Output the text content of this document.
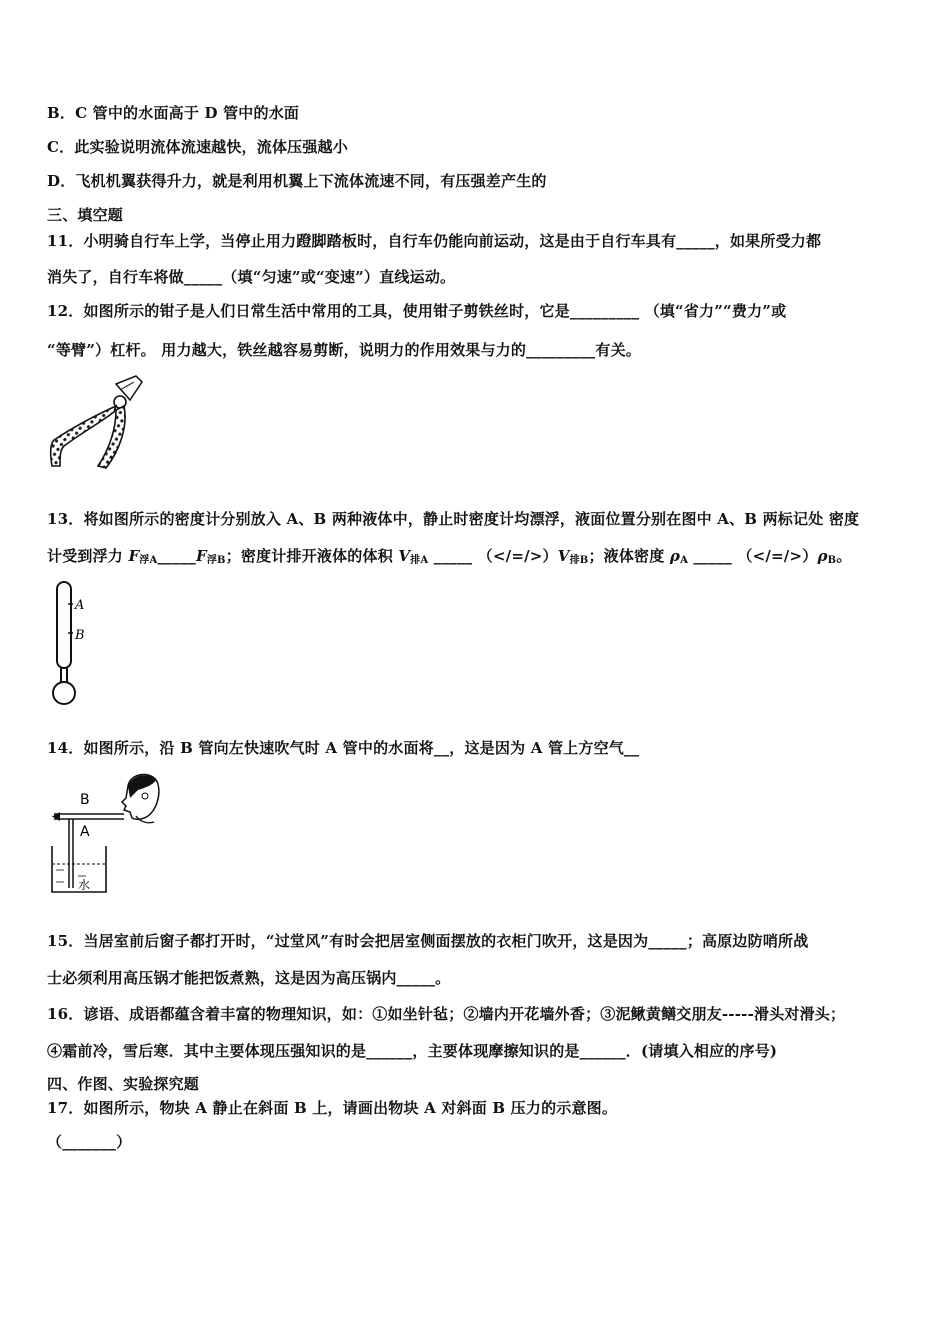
B．C 管中的水面高于 D 管中的水面
C．此实验说明流体流速越快，流体压强越小
D．飞机机翼获得升力，就是利用机翼上下流体流速不同，有压强差产生的
三、填空题
11．小明骑自行车上学，当停止用力蹬脚踏板时，自行车仍能向前运动，这是由于自行车具有_____，如果所受力都
消失了，自行车将做_____（填“匀速”或“变速”）直线运动。
12．如图所示的钳子是人们日常生活中常用的工具，使用钳子剪铁丝时，它是_________ （填“省力”“费力”或
“等臂”）杠杆。 用力越大，铁丝越容易剪断，说明力的作用效果与力的_________有关。
13．将如图所示的密度计分别放入 A、B 两种液体中，静止时密度计均漂浮，液面位置分别在图中 A、B 两标记处 密度
计受到浮力 $F_{浮A}\_\_\_\_\_F_{浮B}$；密度计排开液体的体积 $V_{排A}$ _____ $(</=/>)V_{排B}$；液体密度 $\rho_A$ _____ $(</=/>)\rho_B$。
A
B
14．如图所示，沿 B 管向左快速吹气时 A 管中的水面将__，这是因为 A 管上方空气__
B
A
水
15．当居室前后窗子都打开时，“过堂风”有时会把居室侧面摆放的衣柜门吹开，这是因为_____；高原边防哨所战
士必须利用高压锅才能把饭煮熟，这是因为高压锅内_____。
16．谚语、成语都蕴含着丰富的物理知识，如：①如坐针毡；②墙内开花墙外香；③泥鳅黄鳝交朋友-----滑头对滑头；
④霜前冷，雪后寒．其中主要体现压强知识的是______，主要体现摩擦知识的是______．(请填入相应的序号)
四、作图、实验探究题
17．如图所示，物块 A 静止在斜面 B 上，请画出物块 A 对斜面 B 压力的示意图。
（_______）
